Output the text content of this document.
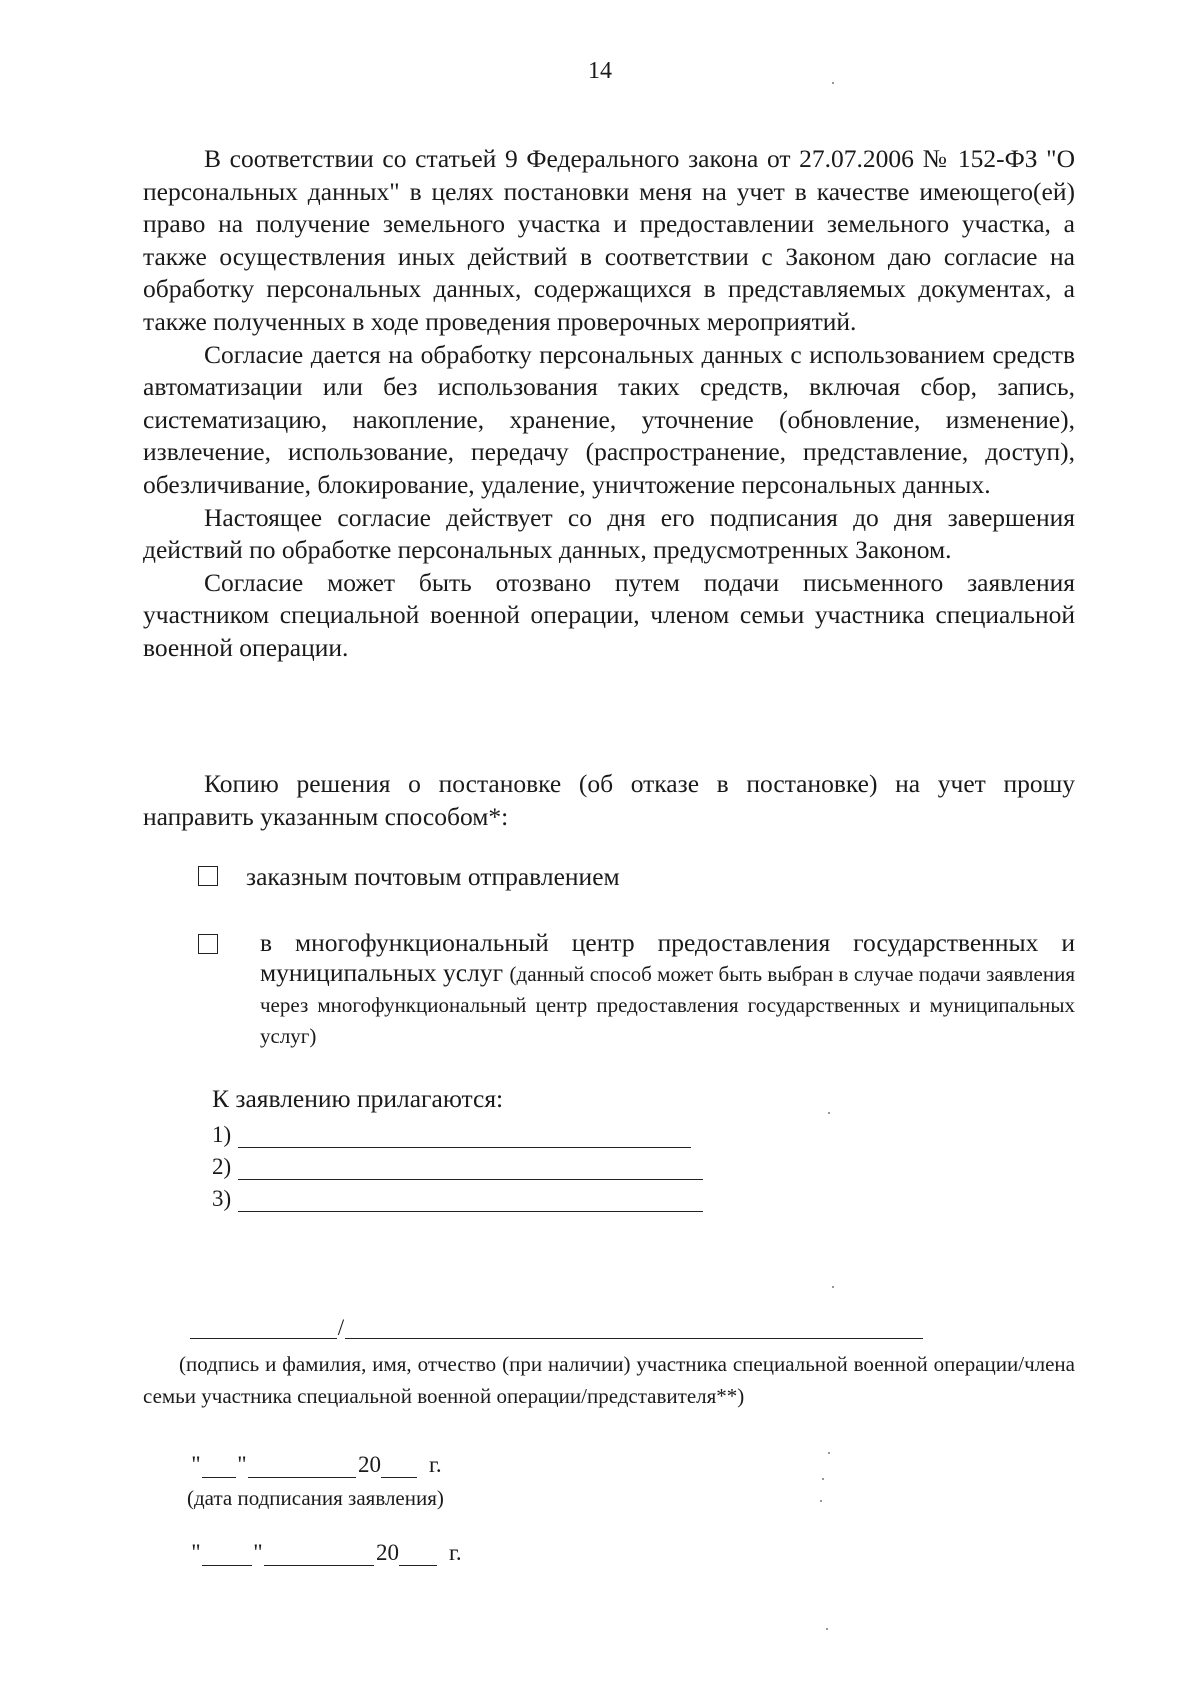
14

В соответствии со статьей 9 Федерального закона от 27.07.2006 № 152-ФЗ "О персональных данных" в целях постановки меня на учет в качестве имеющего(ей) право на получение земельного участка и предоставлении земельного участка, а также осуществления иных действий в соответствии с Законом даю согласие на обработку персональных данных, содержащихся в представляемых документах, а также полученных в ходе проведения проверочных мероприятий.

Согласие дается на обработку персональных данных с использованием средств автоматизации или без использования таких средств, включая сбор, запись, систематизацию, накопление, хранение, уточнение (обновление, изменение), извлечение, использование, передачу (распространение, представление, доступ), обезличивание, блокирование, удаление, уничтожение персональных данных.

Настоящее согласие действует со дня его подписания до дня завершения действий по обработке персональных данных, предусмотренных Законом.

Согласие может быть отозвано путем подачи письменного заявления участником специальной военной операции, членом семьи участника специальной военной операции.

Копию решения о постановке (об отказе в постановке) на учет прошу направить указанным способом*:

заказным почтовым отправлением
в многофункциональный центр предоставления государственных и муниципальных услуг (данный способ может быть выбран в случае подачи заявления через многофункциональный центр предоставления государственных и муниципальных услуг)
К заявлению прилагаются:
1)
2)
3)
/

(подпись и фамилия, имя, отчество (при наличии) участника специальной военной операции/члена семьи участника специальной военной операции/представителя**)

" "	20 г.
(дата подписания заявления)
" "	20 г.
